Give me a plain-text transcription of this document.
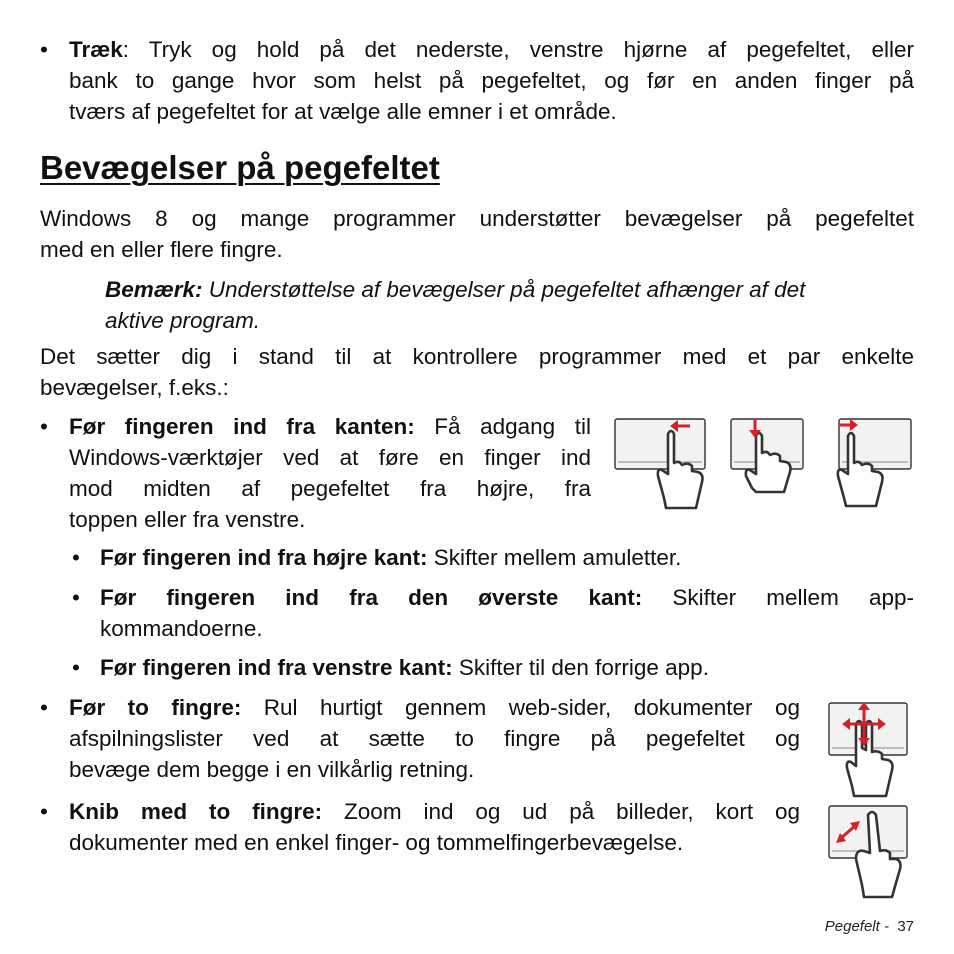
• Træk: Tryk og hold på det nederste, venstre hjørne af pegefeltet, eller
bank to gange hvor som helst på pegefeltet, og før en anden finger på
tværs af pegefeltet for at vælge alle emner i et område.
Bevægelser på pegefeltet
Windows 8 og mange programmer understøtter bevægelser på pegefeltet
med en eller flere fingre.
Bemærk: Understøttelse af bevægelser på pegefeltet afhænger af det
aktive program.
Det sætter dig i stand til at kontrollere programmer med et par enkelte
bevægelser, f.eks.:
• Før fingeren ind fra kanten: Få adgang til
Windows-værktøjer ved at føre en finger ind
mod midten af pegefeltet fra højre, fra
toppen eller fra venstre.
• Før fingeren ind fra højre kant: Skifter mellem amuletter.
• Før fingeren ind fra den øverste kant: Skifter mellem app-
kommandoerne.
• Før fingeren ind fra venstre kant: Skifter til den forrige app.
• Før to fingre: Rul hurtigt gennem web-sider, dokumenter og
afspilningslister ved at sætte to fingre på pegefeltet og
bevæge dem begge i en vilkårlig retning.
• Knib med to fingre: Zoom ind og ud på billeder, kort og
dokumenter med en enkel finger- og tommelfingerbevægelse.
Pegefelt - 37
